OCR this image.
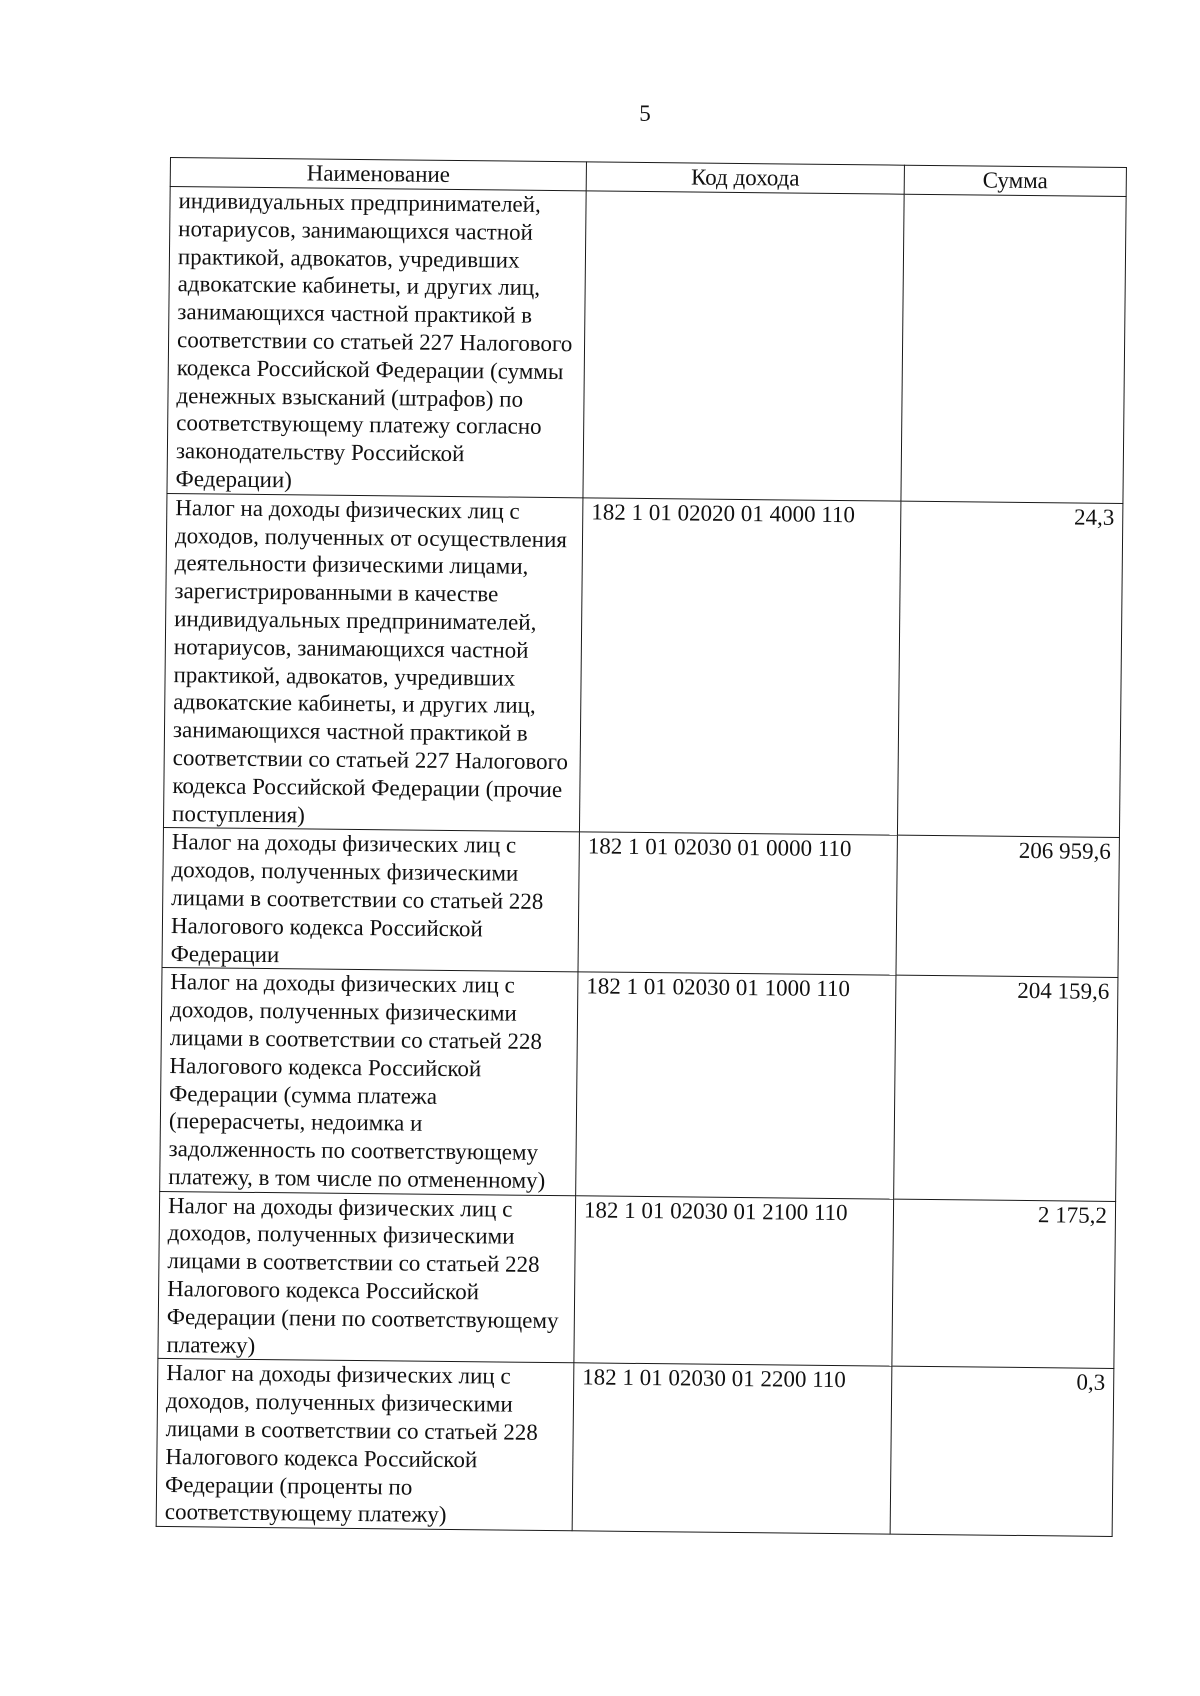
5
Наименование	Код дохода	Сумма
индивидуальных предпринимателей, нотариусов, занимающихся частной практикой, адвокатов, учредивших адвокатские кабинеты, и других лиц, занимающихся частной практикой в соответствии со статьей 227 Налогового кодекса Российской Федерации (суммы денежных взысканий (штрафов) по соответствующему платежу согласно законодательству Российской Федерации)		
Налог на доходы физических лиц с доходов, полученных от осуществления деятельности физическими лицами, зарегистрированными в качестве индивидуальных предпринимателей, нотариусов, занимающихся частной практикой, адвокатов, учредивших адвокатские кабинеты, и других лиц, занимающихся частной практикой в соответствии со статьей 227 Налогового кодекса Российской Федерации (прочие поступления)	182 1 01 02020 01 4000 110	24,3
Налог на доходы физических лиц с доходов, полученных физическими лицами в соответствии со статьей 228 Налогового кодекса Российской Федерации	182 1 01 02030 01 0000 110	206 959,6
Налог на доходы физических лиц с доходов, полученных физическими лицами в соответствии со статьей 228 Налогового кодекса Российской Федерации (сумма платежа (перерасчеты, недоимка и задолженность по соответствующему платежу, в том числе по отмененному)	182 1 01 02030 01 1000 110	204 159,6
Налог на доходы физических лиц с доходов, полученных физическими лицами в соответствии со статьей 228 Налогового кодекса Российской Федерации (пени по соответствующему платежу)	182 1 01 02030 01 2100 110	2 175,2
Налог на доходы физических лиц с доходов, полученных физическими лицами в соответствии со статьей 228 Налогового кодекса Российской Федерации (проценты по соответствующему платежу)	182 1 01 02030 01 2200 110	0,3
